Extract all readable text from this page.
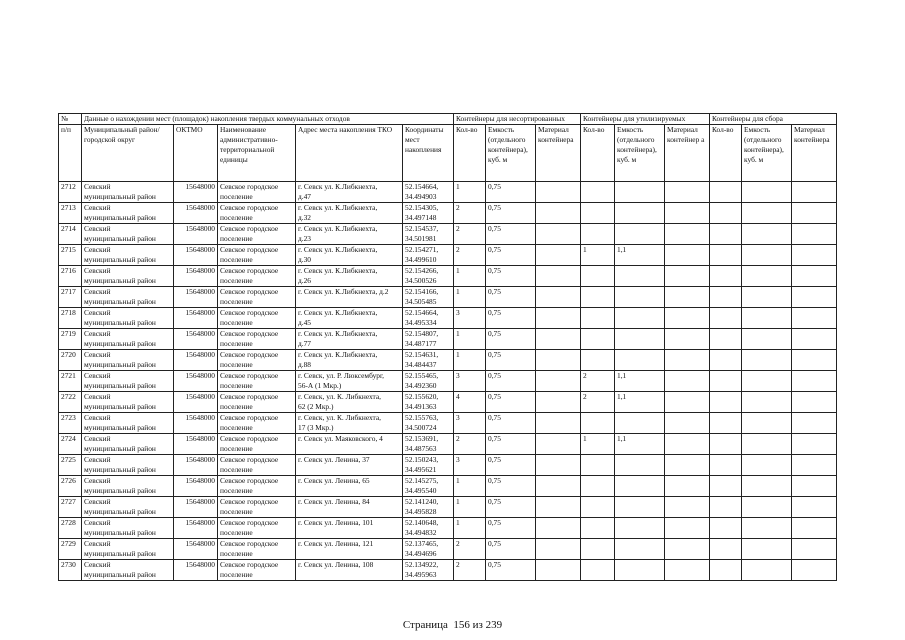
№	Данные о нахождении мест (площадок) накопления твердых коммунальных отходов					Контейнеры для несортированных			Контейнеры для утилизируемых			Контейнеры для сбора		
п/п	Муниципальный район/городской округ	ОКТМО	Наименование административно-территориальной единицы	Адрес места накопления ТКО	Координаты мест накопления	Кол-во	Емкость (отдельного контейнера), куб. м	Материал контейнера	Кол-во	Емкость (отдельного контейнера), куб. м	Материал контейнер а	Кол-во	Емкость (отдельного контейнера), куб. м	Материал контейнера

2712	Севский
муниципальный район	15648000	Севское городское
поселение	г. Севск ул. К.Либкнехта,
д.47	52.154664,
34.494903	1	0,75							

2713	Севский
муниципальный район	15648000	Севское городское
поселение	г. Севск ул. К.Либкнехта,
д.32	52.154305,
34.497148	2	0,75							

2714	Севский
муниципальный район	15648000	Севское городское
поселение	г. Севск ул. К.Либкнехта,
д.23	52.154537,
34.501981	2	0,75							

2715	Севский
муниципальный район	15648000	Севское городское
поселение	г. Севск ул. К.Либкнехта,
д.30	52.154271,
34.499610	2	0,75		1	1,1				

2716	Севский
муниципальный район	15648000	Севское городское
поселение	г. Севск ул. К.Либкнехта,
д.26	52.154266,
34.500526	1	0,75							

2717	Севский
муниципальный район	15648000	Севское городское
поселение	г. Севск ул. К.Либкнехта, д.2	52.154166,
34.505485	1	0,75							

2718	Севский
муниципальный район	15648000	Севское городское
поселение	г. Севск ул. К.Либкнехта,
д.45	52.154664,
34.495334	3	0,75							

2719	Севский
муниципальный район	15648000	Севское городское
поселение	г. Севск ул. К.Либкнехта,
д.77	52.154807,
34.487177	1	0,75							

2720	Севский
муниципальный район	15648000	Севское городское
поселение	г. Севск ул. К.Либкнехта,
д.88	52.154631,
34.484437	1	0,75							

2721	Севский
муниципальный район	15648000	Севское городское
поселение	г. Севск, ул. Р. Люксембург,
56-А (1 Мкр.)	52.155465,
34.492360	3	0,75		2	1,1				

2722	Севский
муниципальный район	15648000	Севское городское
поселение	г. Севск, ул. К. Либкнехта,
62 (2 Мкр.)	52.155620,
34.491363	4	0,75		2	1,1				

2723	Севский
муниципальный район	15648000	Севское городское
поселение	г. Севск, ул. К. Либкнехта,
17 (3 Мкр.)	52.155763,
34.500724	3	0,75							

2724	Севский
муниципальный район	15648000	Севское городское
поселение	г. Севск ул. Маяковского, 4	52.153691,
34.487563	2	0,75		1	1,1				

2725	Севский
муниципальный район	15648000	Севское городское
поселение	г. Севск ул. Ленина, 37	52.150243,
34.495621	3	0,75							

2726	Севский
муниципальный район	15648000	Севское городское
поселение	г. Севск ул. Ленина, 65	52.145275,
34.495540	1	0,75							

2727	Севский
муниципальный район	15648000	Севское городское
поселение	г. Севск ул. Ленина, 84	52.141240,
34.495828	1	0,75							

2728	Севский
муниципальный район	15648000	Севское городское
поселение	г. Севск ул. Ленина, 101	52.140648,
34.494832	1	0,75							

2729	Севский
муниципальный район	15648000	Севское городское
поселение	г. Севск ул. Ленина, 121	52.137465,
34.494696	2	0,75							

2730	Севский
муниципальный район	15648000	Севское городское
поселение	г. Севск ул. Ленина, 108	52.134922,
34.495963	2	0,75							

Страница 156 из 239
